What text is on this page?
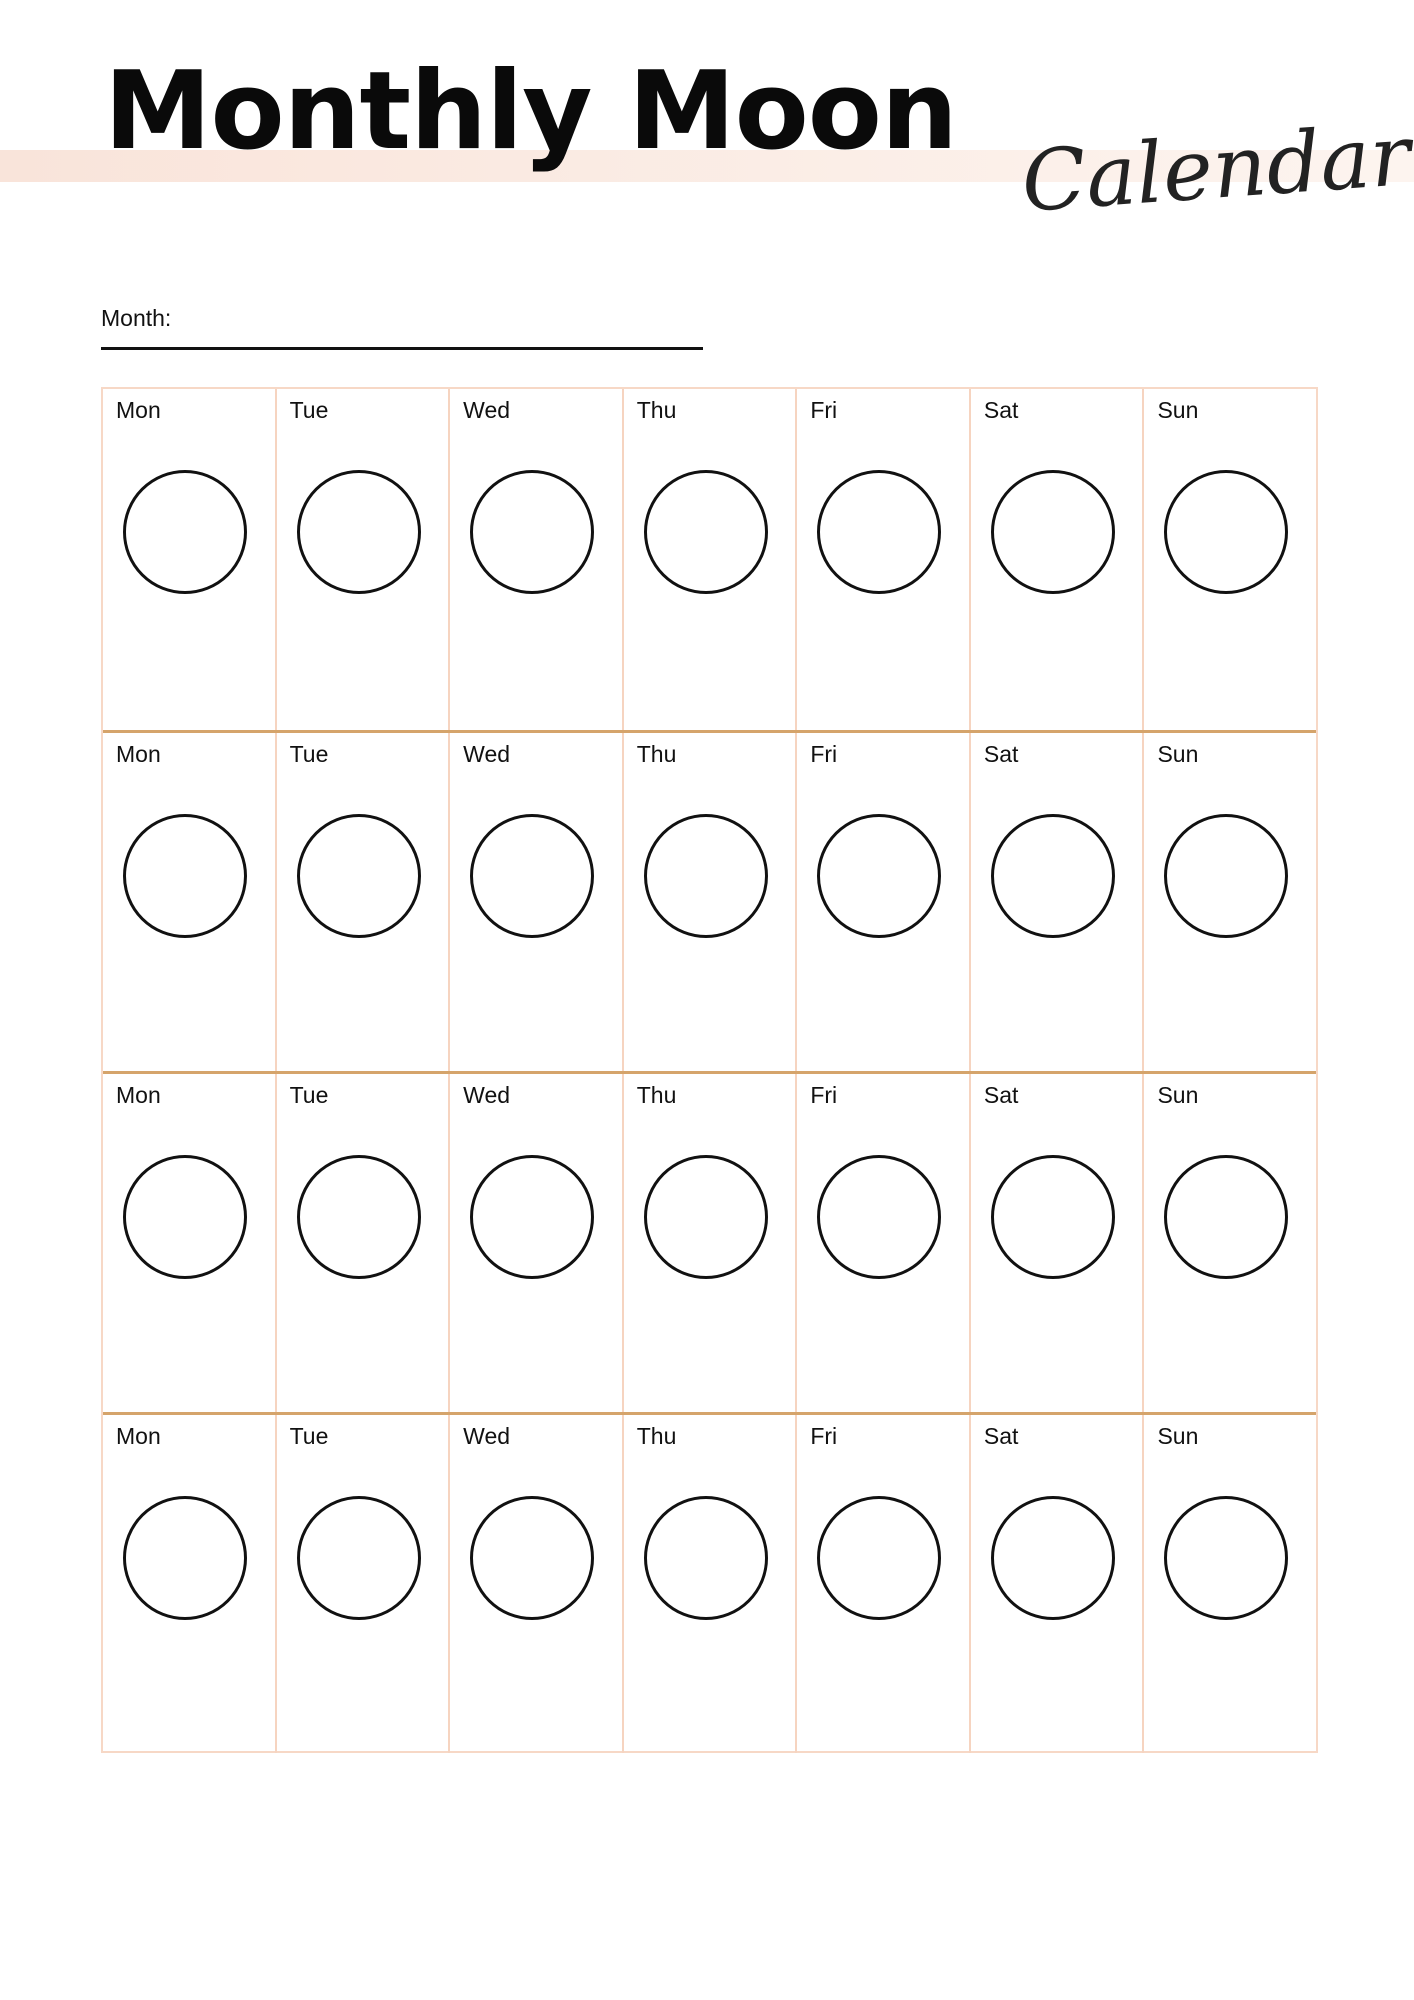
Monthly Moon Calendar
Month:
Mon	Tue	Wed	Thu	Fri	Sat	Sun
Mon	Tue	Wed	Thu	Fri	Sat	Sun
Mon	Tue	Wed	Thu	Fri	Sat	Sun
Mon	Tue	Wed	Thu	Fri	Sat	Sun
